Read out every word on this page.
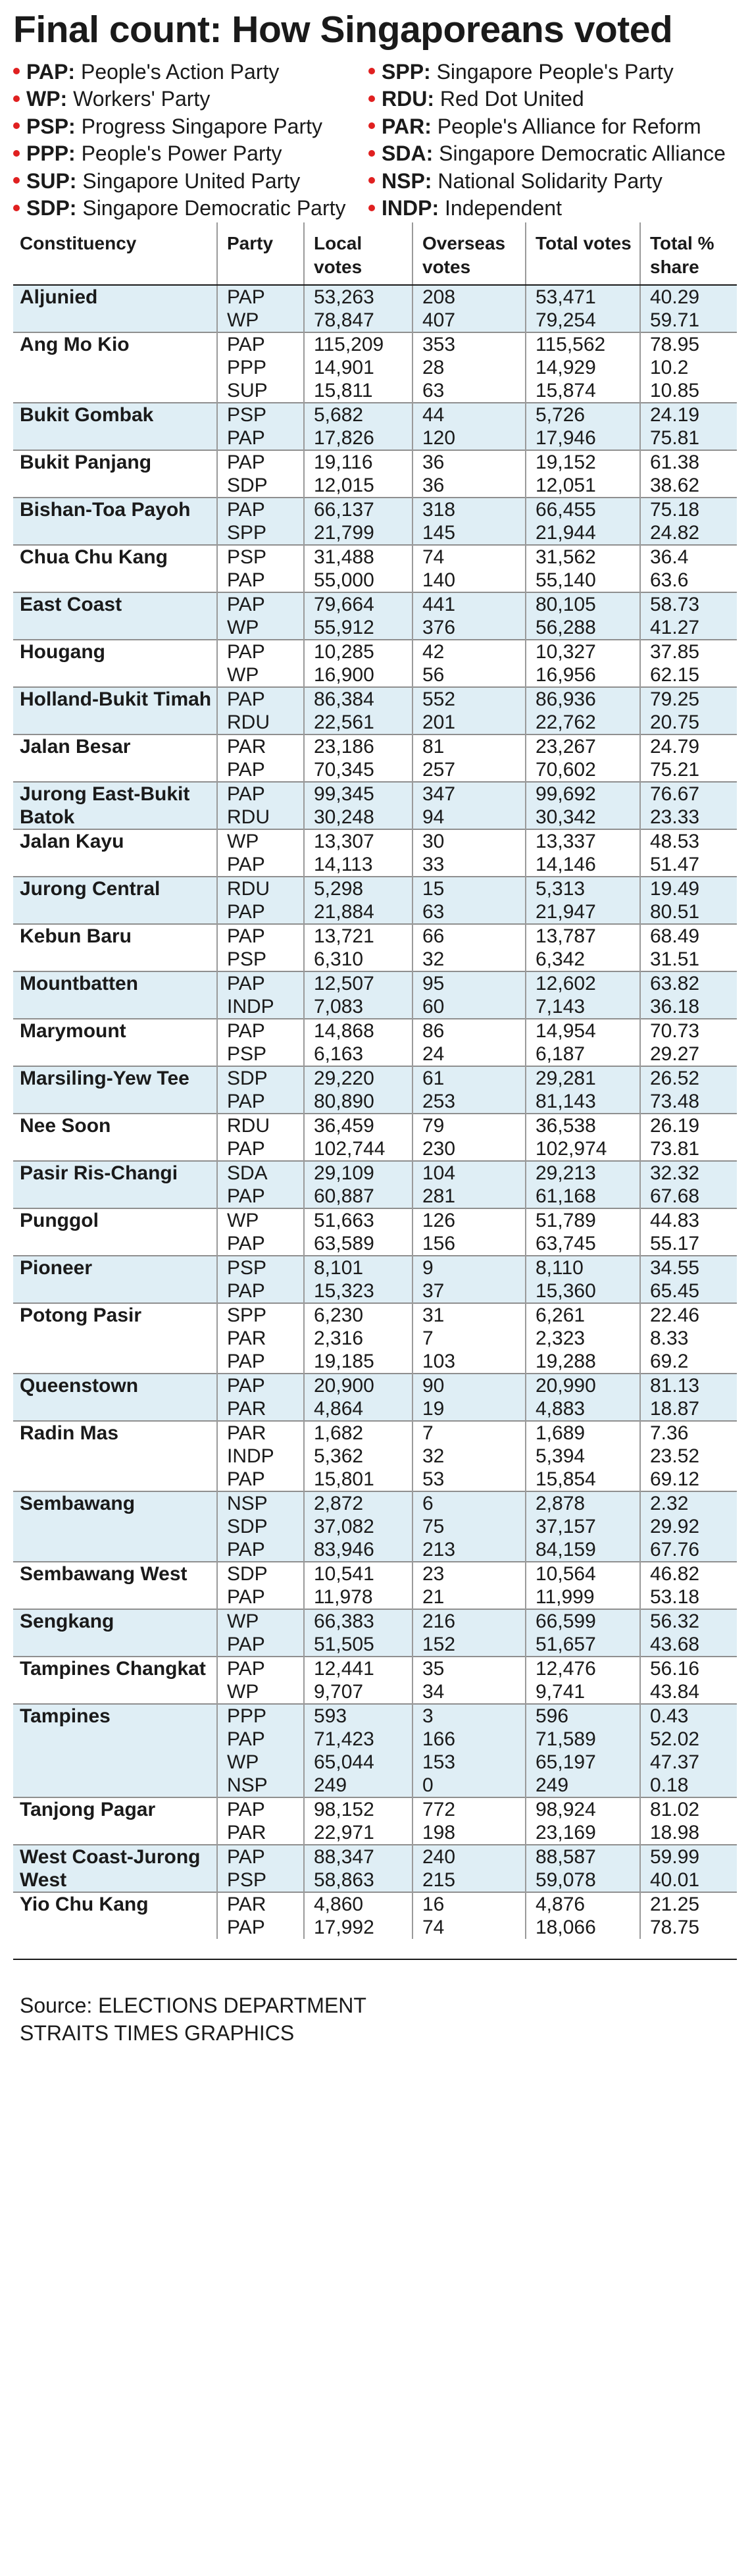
Final count: How Singaporeans voted
PAP: People's Action Party	SPP: Singapore People's Party
WP: Workers' Party	RDU: Red Dot United
PSP: Progress Singapore Party	PAR: People's Alliance for Reform
PPP: People's Power Party	SDA: Singapore Democratic Alliance
SUP: Singapore United Party	NSP: National Solidarity Party
SDP: Singapore Democratic Party	INDP: Independent
Constituency	Party	Local votes	Overseas votes	Total votes	Total % share
Aljunied	PAP	53,263	208	53,471	40.29
	WP	78,847	407	79,254	59.71
Ang Mo Kio	PAP	115,209	353	115,562	78.95
	PPP	14,901	28	14,929	10.2
	SUP	15,811	63	15,874	10.85
Bukit Gombak	PSP	5,682	44	5,726	24.19
	PAP	17,826	120	17,946	75.81
Bukit Panjang	PAP	19,116	36	19,152	61.38
	SDP	12,015	36	12,051	38.62
Bishan-Toa Payoh	PAP	66,137	318	66,455	75.18
	SPP	21,799	145	21,944	24.82
Chua Chu Kang	PSP	31,488	74	31,562	36.4
	PAP	55,000	140	55,140	63.6
East Coast	PAP	79,664	441	80,105	58.73
	WP	55,912	376	56,288	41.27
Hougang	PAP	10,285	42	10,327	37.85
	WP	16,900	56	16,956	62.15
Holland-Bukit Timah	PAP	86,384	552	86,936	79.25
	RDU	22,561	201	22,762	20.75
Jalan Besar	PAR	23,186	81	23,267	24.79
	PAP	70,345	257	70,602	75.21
Jurong East-Bukit Batok	PAP	99,345	347	99,692	76.67
	RDU	30,248	94	30,342	23.33
Jalan Kayu	WP	13,307	30	13,337	48.53
	PAP	14,113	33	14,146	51.47
Jurong Central	RDU	5,298	15	5,313	19.49
	PAP	21,884	63	21,947	80.51
Kebun Baru	PAP	13,721	66	13,787	68.49
	PSP	6,310	32	6,342	31.51
Mountbatten	PAP	12,507	95	12,602	63.82
	INDP	7,083	60	7,143	36.18
Marymount	PAP	14,868	86	14,954	70.73
	PSP	6,163	24	6,187	29.27
Marsiling-Yew Tee	SDP	29,220	61	29,281	26.52
	PAP	80,890	253	81,143	73.48
Nee Soon	RDU	36,459	79	36,538	26.19
	PAP	102,744	230	102,974	73.81
Pasir Ris-Changi	SDA	29,109	104	29,213	32.32
	PAP	60,887	281	61,168	67.68
Punggol	WP	51,663	126	51,789	44.83
	PAP	63,589	156	63,745	55.17
Pioneer	PSP	8,101	9	8,110	34.55
	PAP	15,323	37	15,360	65.45
Potong Pasir	SPP	6,230	31	6,261	22.46
	PAR	2,316	7	2,323	8.33
	PAP	19,185	103	19,288	69.2
Queenstown	PAP	20,900	90	20,990	81.13
	PAR	4,864	19	4,883	18.87
Radin Mas	PAR	1,682	7	1,689	7.36
	INDP	5,362	32	5,394	23.52
	PAP	15,801	53	15,854	69.12
Sembawang	NSP	2,872	6	2,878	2.32
	SDP	37,082	75	37,157	29.92
	PAP	83,946	213	84,159	67.76
Sembawang West	SDP	10,541	23	10,564	46.82
	PAP	11,978	21	11,999	53.18
Sengkang	WP	66,383	216	66,599	56.32
	PAP	51,505	152	51,657	43.68
Tampines Changkat	PAP	12,441	35	12,476	56.16
	WP	9,707	34	9,741	43.84
Tampines	PPP	593	3	596	0.43
	PAP	71,423	166	71,589	52.02
	WP	65,044	153	65,197	47.37
	NSP	249	0	249	0.18
Tanjong Pagar	PAP	98,152	772	98,924	81.02
	PAR	22,971	198	23,169	18.98
West Coast-Jurong West	PAP	88,347	240	88,587	59.99
	PSP	58,863	215	59,078	40.01
Yio Chu Kang	PAR	4,860	16	4,876	21.25
	PAP	17,992	74	18,066	78.75
Source: ELECTIONS DEPARTMENT
STRAITS TIMES GRAPHICS
